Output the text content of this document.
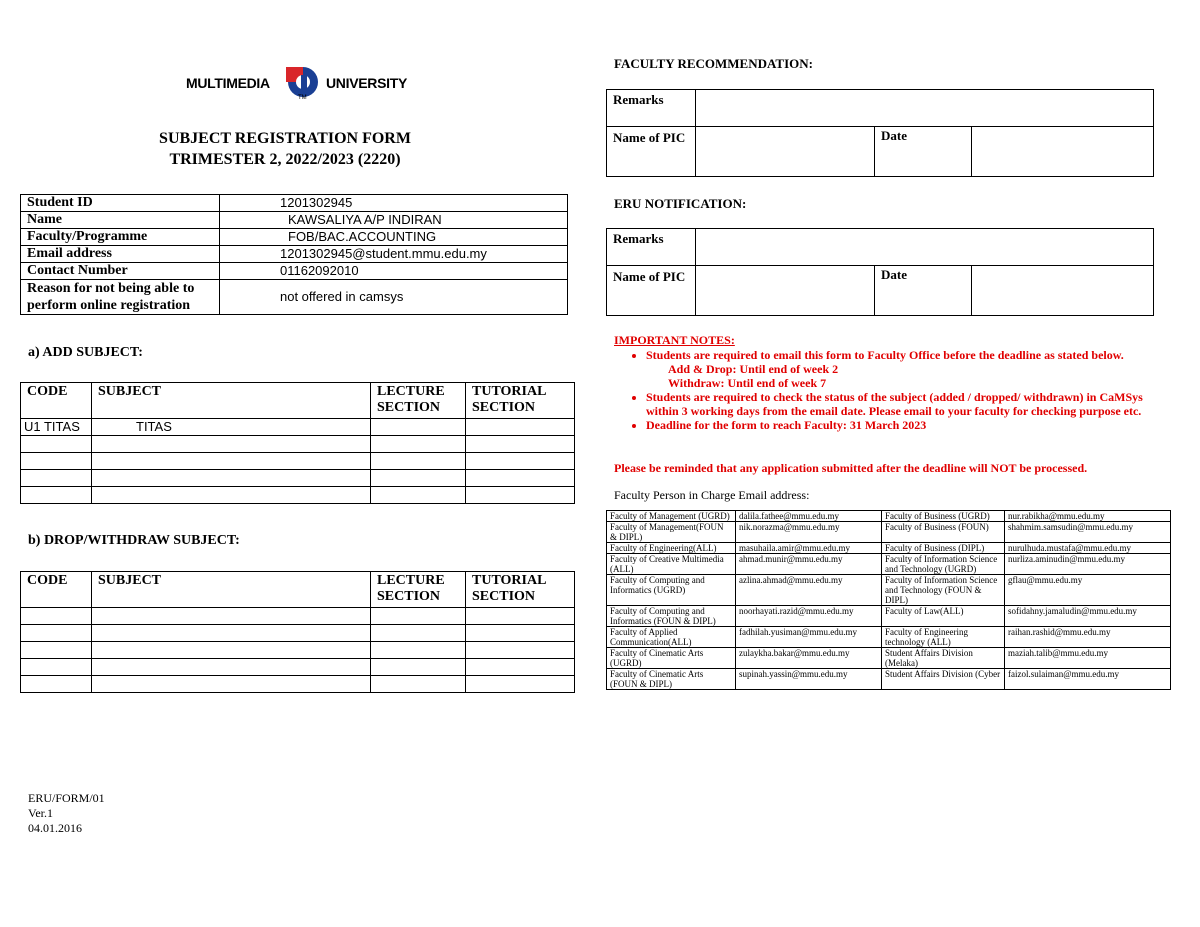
MULTIMEDIA
TM
UNIVERSITY
SUBJECT REGISTRATION FORM
TRIMESTER 2, 2022/2023 (2220)
Student ID	1201302945
Name	KAWSALIYA A/P INDIRAN
Faculty/Programme	FOB/BAC.ACCOUNTING
Email address	1201302945@student.mmu.edu.my
Contact Number	01162092010
Reason for not being able to perform online registration	not offered in camsys
a) ADD SUBJECT:
CODE	SUBJECT	LECTURE SECTION	TUTORIAL SECTION
U1 TITAS	TITAS		

b) DROP/WITHDRAW SUBJECT:
CODE	SUBJECT	LECTURE SECTION	TUTORIAL SECTION

ERU/FORM/01
Ver.1
04.01.2016
FACULTY RECOMMENDATION:
Remarks			
Name of PIC		Date	
ERU NOTIFICATION:
Remarks			
Name of PIC		Date	
IMPORTANT NOTES:
• Students are required to email this form to Faculty Office before the deadline as stated below.
Add & Drop: Until end of week 2
Withdraw: Until end of week 7
• Students are required to check the status of the subject (added / dropped/ withdrawn) in CaMSys within 3 working days from the email date. Please email to your faculty for checking purpose etc.
• Deadline for the form to reach Faculty: 31 March 2023
Please be reminded that any application submitted after the deadline will NOT be processed.
Faculty Person in Charge Email address:
Faculty of Management (UGRD)	dalila.fathee@mmu.edu.my	Faculty of Business (UGRD)	nur.rabikha@mmu.edu.my
Faculty of Management(FOUN & DIPL)	nik.norazma@mmu.edu.my	Faculty of Business (FOUN)	shahmim.samsudin@mmu.edu.my
Faculty of Engineering(ALL)	masuhaila.amir@mmu.edu.my	Faculty of Business (DIPL)	nurulhuda.mustafa@mmu.edu.my
Faculty of Creative Multimedia (ALL)	ahmad.munir@mmu.edu.my	Faculty of Information Science and Technology (UGRD)	nurliza.aminudin@mmu.edu.my
Faculty of Computing and Informatics (UGRD)	azlina.ahmad@mmu.edu.my	Faculty of Information Science and Technology (FOUN & DIPL)	gflau@mmu.edu.my
Faculty of Computing and Informatics (FOUN & DIPL)	noorhayati.razid@mmu.edu.my	Faculty of Law(ALL)	sofidahny.jamaludin@mmu.edu.my
Faculty of Applied Communication(ALL)	fadhilah.yusiman@mmu.edu.my	Faculty of Engineering technology (ALL)	raihan.rashid@mmu.edu.my
Faculty of Cinematic Arts (UGRD)	zulaykha.bakar@mmu.edu.my	Student Affairs Division (Melaka)	maziah.talib@mmu.edu.my
Faculty of Cinematic Arts (FOUN & DIPL)	supinah.yassin@mmu.edu.my	Student Affairs Division (Cyber	faizol.sulaiman@mmu.edu.my
